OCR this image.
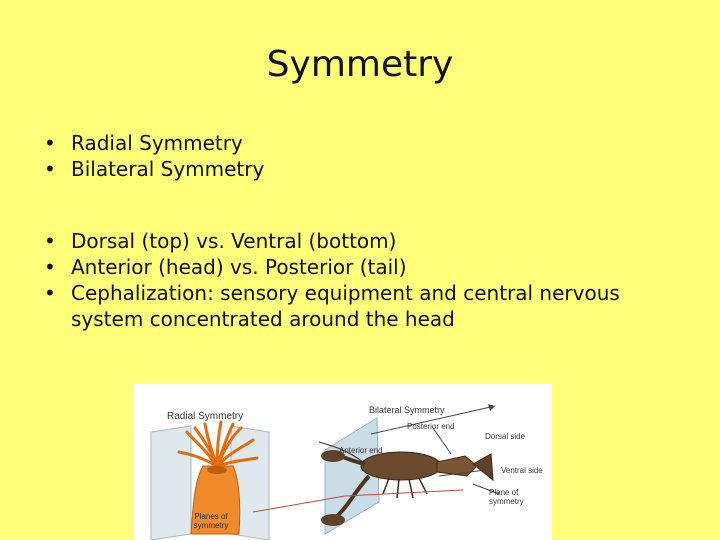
Symmetry
• Radial Symmetry
• Bilateral Symmetry
• Dorsal (top) vs. Ventral (bottom)
• Anterior (head) vs. Posterior (tail)
• Cephalization: sensory equipment and central nervous system concentrated around the head
Radial Symmetry
Planes of symmetry
Bilateral Symmetry
Posterior end
Dorsal side
Anterior end
Ventral side
Plane of symmetry
